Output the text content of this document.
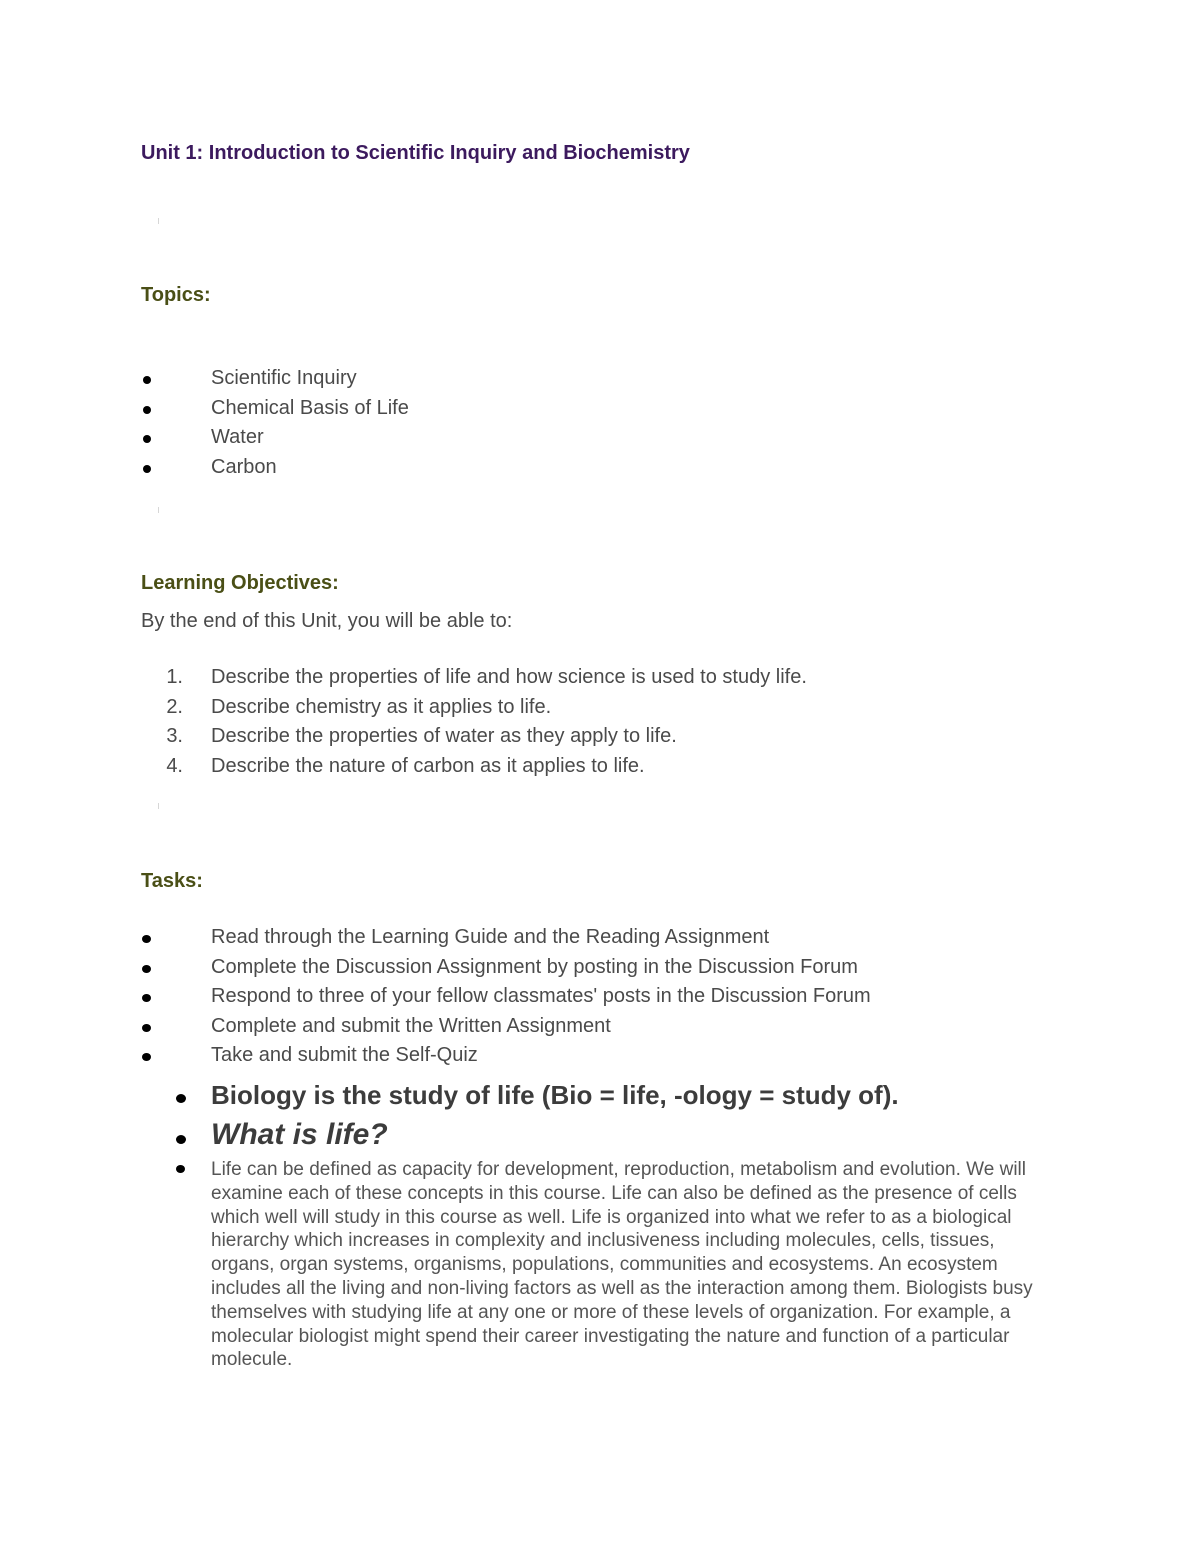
Unit 1: Introduction to Scientific Inquiry and Biochemistry
Topics:
Scientific Inquiry
Chemical Basis of Life
Water
Carbon
Learning Objectives:
By the end of this Unit, you will be able to:
1. Describe the properties of life and how science is used to study life.
2. Describe chemistry as it applies to life.
3. Describe the properties of water as they apply to life.
4. Describe the nature of carbon as it applies to life.
Tasks:
Read through the Learning Guide and the Reading Assignment
Complete the Discussion Assignment by posting in the Discussion Forum
Respond to three of your fellow classmates' posts in the Discussion Forum
Complete and submit the Written Assignment
Take and submit the Self-Quiz
Biology is the study of life (Bio = life, -ology = study of).
What is life?
Life can be defined as capacity for development, reproduction, metabolism and evolution. We will examine each of these concepts in this course. Life can also be defined as the presence of cells which well will study in this course as well. Life is organized into what we refer to as a biological hierarchy which increases in complexity and inclusiveness including molecules, cells, tissues, organs, organ systems, organisms, populations, communities and ecosystems. An ecosystem includes all the living and non-living factors as well as the interaction among them. Biologists busy themselves with studying life at any one or more of these levels of organization. For example, a molecular biologist might spend their career investigating the nature and function of a particular molecule.
